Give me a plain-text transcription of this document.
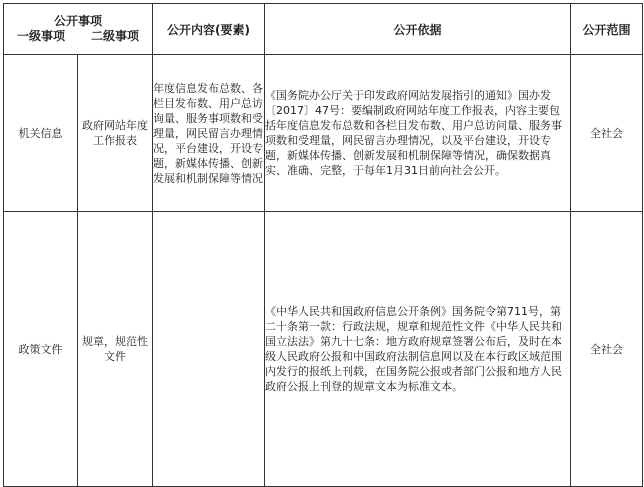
公开事项
一级事项 二级事项		公开内容(要素)	公开依据	公开范围
机关信息	政府网站年度工作报表	年度信息发布总数、各栏目发布数、用户总访询量、服务事项数和受理量，网民留言办理情况，平台建设，开设专题，新媒体传播、创新发展和机制保障等情况	《国务院办公厅关于印发政府网站发展指引的通知》国办发〔2017〕47号：要编制政府网站年度工作报表，内容主要包括年度信息发布总数和各栏目发布数、用户总访问量、服务事项数和受理量，网民留言办理情况，以及平台建设，开设专题，新媒体传播、创新发展和机制保障等情况，确保数据真实、准确、完整，于每年1月31日前向社会公开。	全社会
政策文件	规章，规范性文件		《中华人民共和国政府信息公开条例》国务院令第711号，第二十条第一款：行政法规，规章和规范性文件《中华人民共和国立法法》第九十七条：地方政府规章签署公布后，及时在本级人民政府公报和中国政府法制信息网以及在本行政区域范围内发行的报纸上刊载，在国务院公报或者部门公报和地方人民政府公报上刊登的规章文本为标准文本。	全社会
